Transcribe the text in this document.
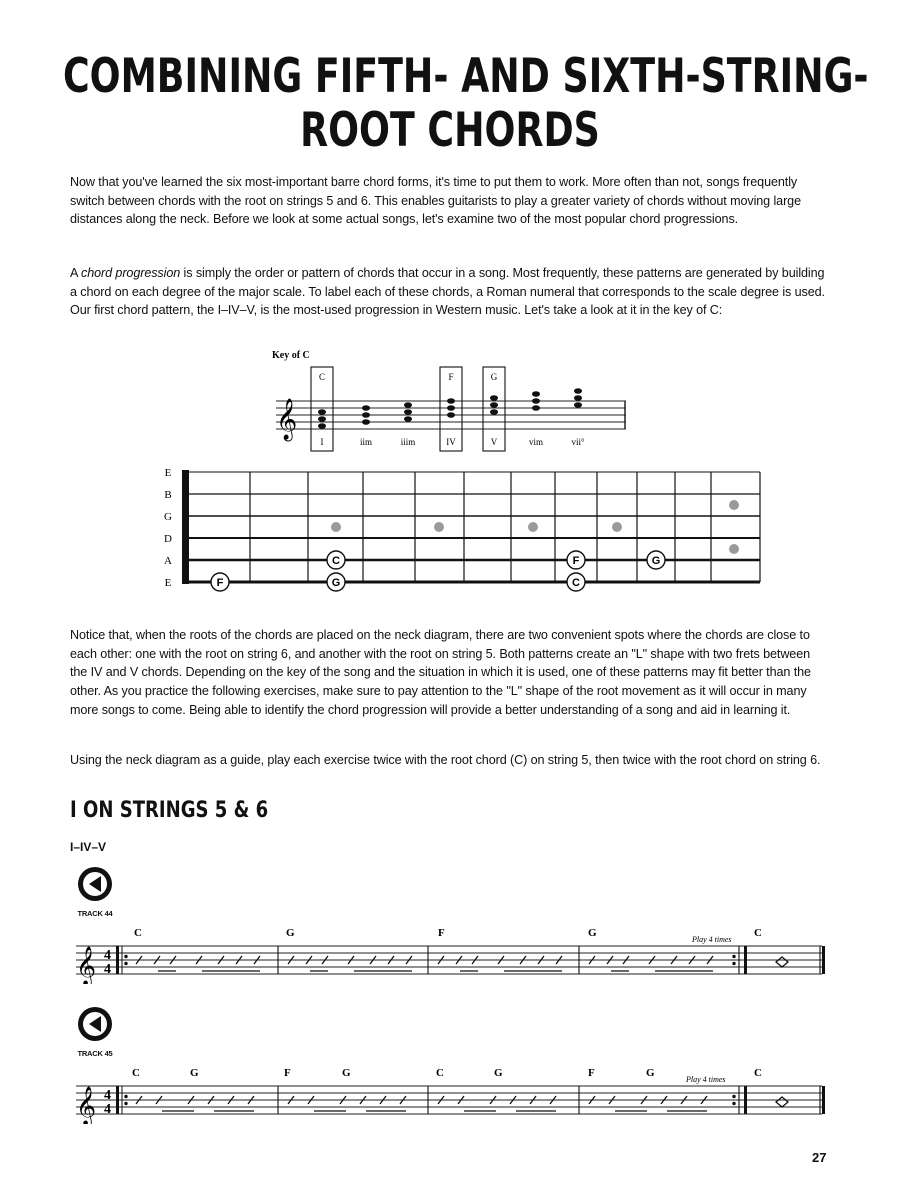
COMBINING FIFTH- AND SIXTH-STRING-
ROOT CHORDS
Now that you've learned the six most-important barre chord forms, it's time to put them to work. More often than not, songs frequently switch between chords with the root on strings 5 and 6. This enables guitarists to play a greater variety of chords without moving large distances along the neck. Before we look at some actual songs, let's examine two of the most popular chord progressions.
A chord progression is simply the order or pattern of chords that occur in a song. Most frequently, these patterns are generated by building a chord on each degree of the major scale. To label each of these chords, a Roman numeral that corresponds to the scale degree is used. Our first chord pattern, the I–IV–V, is the most-used progression in Western music. Let's take a look at it in the key of C:
Key of C
𝄞
C	F	G
I	iim	iiim	IV	V	vim	vii°
E
B
G
D
A
E	F
C
G	C
F	G
Notice that, when the roots of the chords are placed on the neck diagram, there are two convenient spots where the chords are close to each other: one with the root on string 6, and another with the root on string 5. Both patterns create an "L" shape with two frets between the IV and V chords. Depending on the key of the song and the situation in which it is used, one of these patterns may fit better than the other. As you practice the following exercises, make sure to pay attention to the "L" shape of the root movement as it will occur in many more songs to come. Being able to identify the chord progression will provide a better understanding of a song and aid in learning it.
Using the neck diagram as a guide, play each exercise twice with the root chord (C) on string 5, then twice with the root chord on string 6.
I ON STRINGS 5 & 6
I–IV–V
TRACK 44
𝄞 4
4
C	G	F	G	C
Play 4 times
TRACK 45
𝄞 4
4
C	G	F	G	C	G	F	G	C
Play 4 times
27
